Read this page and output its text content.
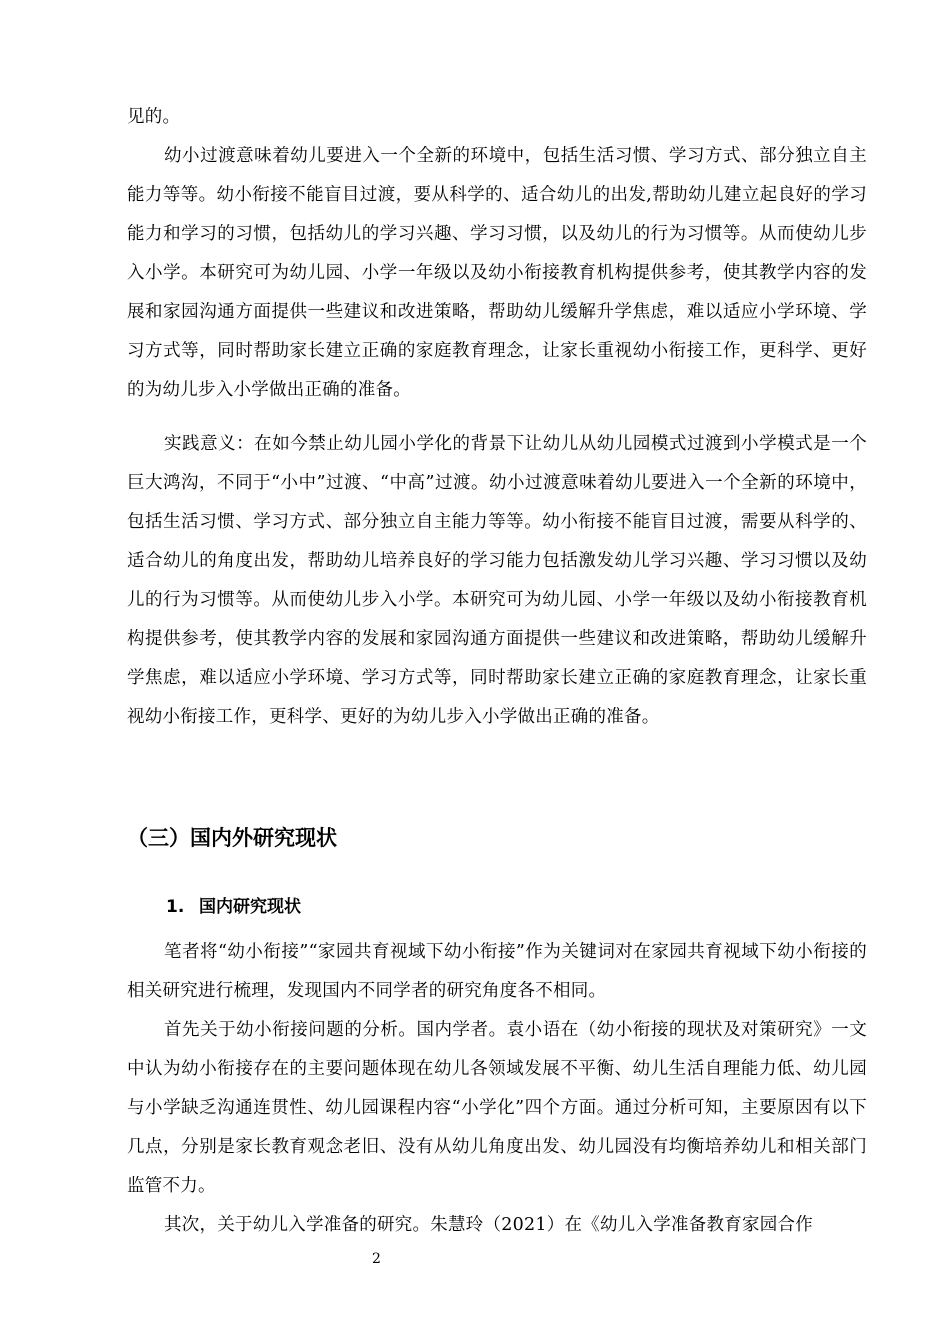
见的。

幼小过渡意味着幼儿要进入一个全新的环境中，包括生活习惯、学习方式、部分独立自主能力等等。幼小衔接不能盲目过渡，要从科学的、适合幼儿的出发,帮助幼儿建立起良好的学习能力和学习的习惯，包括幼儿的学习兴趣、学习习惯，以及幼儿的行为习惯等。从而使幼儿步入小学。本研究可为幼儿园、小学一年级以及幼小衔接教育机构提供参考，使其教学内容的发展和家园沟通方面提供一些建议和改进策略，帮助幼儿缓解升学焦虑，难以适应小学环境、学习方式等，同时帮助家长建立正确的家庭教育理念，让家长重视幼小衔接工作，更科学、更好的为幼儿步入小学做出正确的准备。

实践意义：在如今禁止幼儿园小学化的背景下让幼儿从幼儿园模式过渡到小学模式是一个巨大鸿沟，不同于“小中”过渡、“中高”过渡。幼小过渡意味着幼儿要进入一个全新的环境中，包括生活习惯、学习方式、部分独立自主能力等等。幼小衔接不能盲目过渡，需要从科学的、适合幼儿的角度出发，帮助幼儿培养良好的学习能力包括激发幼儿学习兴趣、学习习惯以及幼儿的行为习惯等。从而使幼儿步入小学。本研究可为幼儿园、小学一年级以及幼小衔接教育机构提供参考，使其教学内容的发展和家园沟通方面提供一些建议和改进策略，帮助幼儿缓解升学焦虑，难以适应小学环境、学习方式等，同时帮助家长建立正确的家庭教育理念，让家长重视幼小衔接工作，更科学、更好的为幼儿步入小学做出正确的准备。

（三）国内外研究现状
1. 国内研究现状

笔者将“幼小衔接”“家园共育视域下幼小衔接”作为关键词对在家园共育视域下幼小衔接的相关研究进行梳理，发现国内不同学者的研究角度各不相同。

首先关于幼小衔接问题的分析。国内学者。袁小语在（幼小衔接的现状及对策研究》一文中认为幼小衔接存在的主要问题体现在幼儿各领域发展不平衡、幼儿生活自理能力低、幼儿园与小学缺乏沟通连贯性、幼儿园课程内容“小学化”四个方面。通过分析可知，主要原因有以下几点，分别是家长教育观念老旧、没有从幼儿角度出发、幼儿园没有均衡培养幼儿和相关部门监管不力。

其次，关于幼儿入学准备的研究。朱慧玲（2021）在《幼儿入学准备教育家园合作

2
